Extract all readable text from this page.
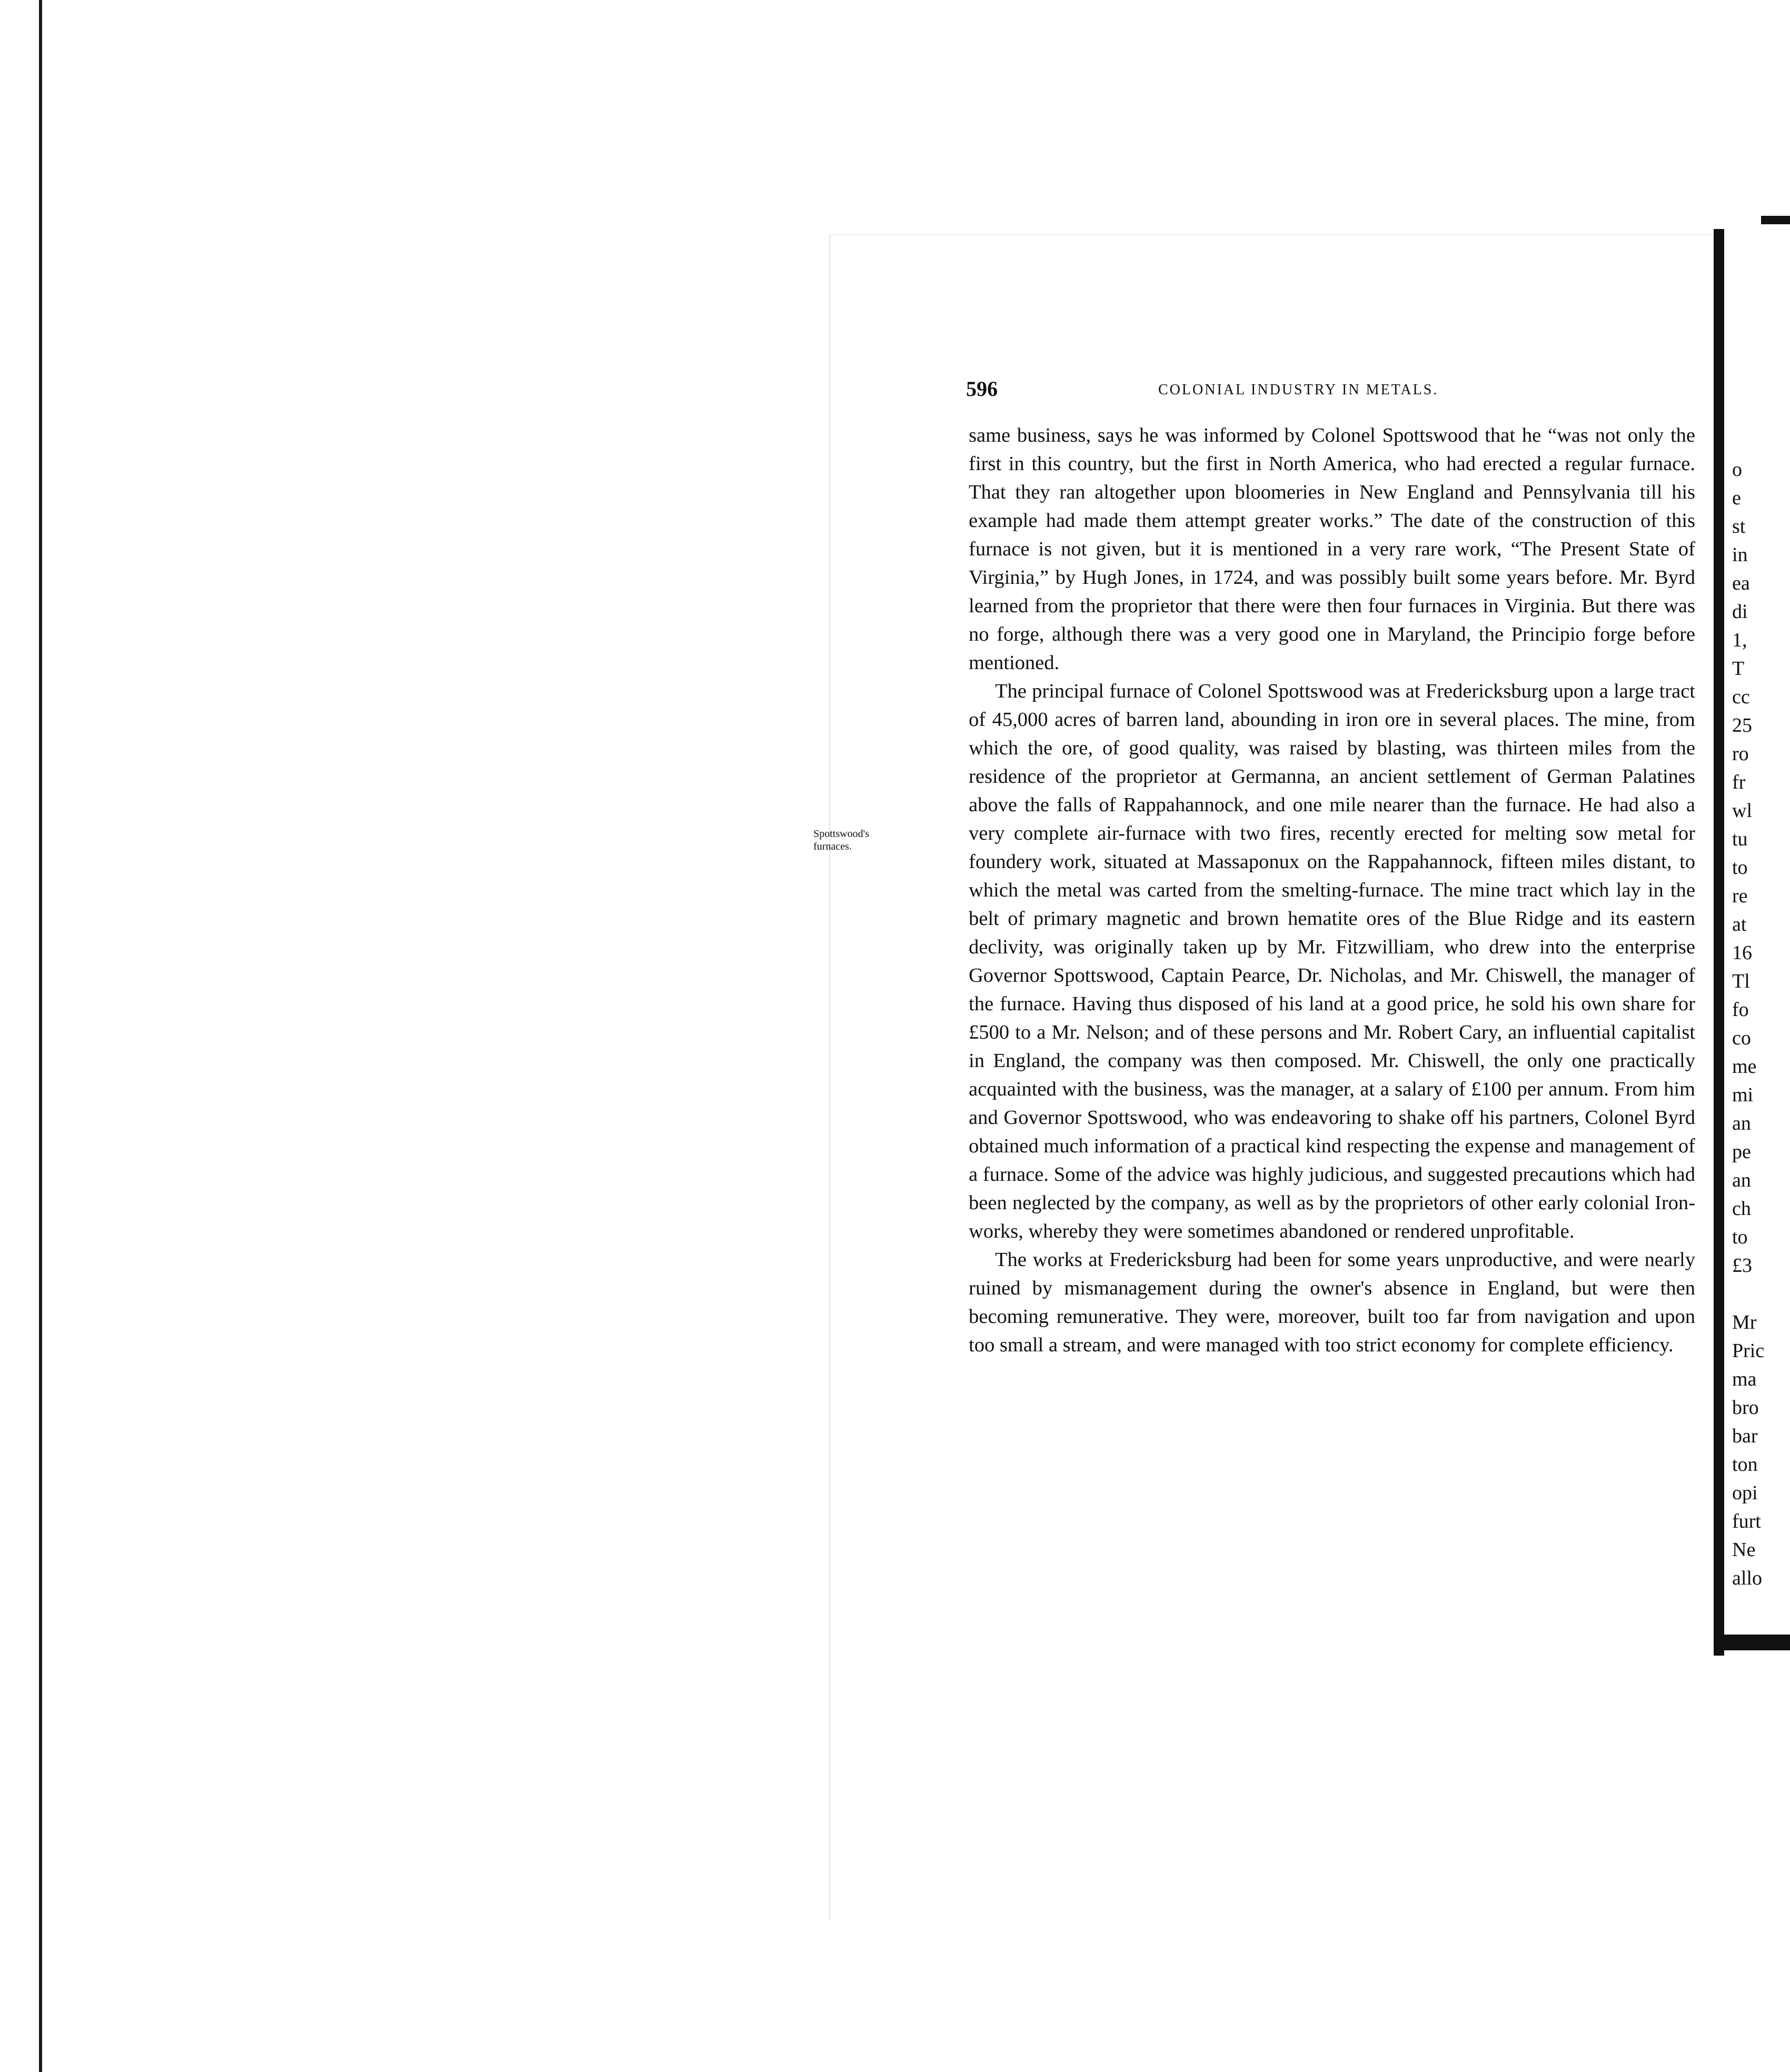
596	COLONIAL INDUSTRY IN METALS.
Spottswood's furnaces.

same business, says he was informed by Colonel Spottswood that he “was not only the first in this country, but the first in North America, who had erected a regular furnace. That they ran altogether upon bloomeries in New England and Pennsylvania till his example had made them attempt greater works.” The date of the construction of this furnace is not given, but it is mentioned in a very rare work, “The Present State of Virginia,” by Hugh Jones, in 1724, and was possibly built some years before. Mr. Byrd learned from the proprietor that there were then four furnaces in Virginia. But there was no forge, although there was a very good one in Maryland, the Principio forge before mentioned.

The principal furnace of Colonel Spottswood was at Fredericksburg upon a large tract of 45,000 acres of barren land, abounding in iron ore in several places. The mine, from which the ore, of good quality, was raised by blasting, was thirteen miles from the residence of the proprietor at Germanna, an ancient settlement of German Palatines above the falls of Rappahannock, and one mile nearer than the furnace. He had also a very complete air-furnace with two fires, recently erected for melting sow metal for foundery work, situated at Massaponux on the Rappahannock, fifteen miles distant, to which the metal was carted from the smelting-furnace. The mine tract which lay in the belt of primary magnetic and brown hematite ores of the Blue Ridge and its eastern declivity, was originally taken up by Mr. Fitzwilliam, who drew into the enterprise Governor Spottswood, Captain Pearce, Dr. Nicholas, and Mr. Chiswell, the manager of the furnace. Having thus disposed of his land at a good price, he sold his own share for £500 to a Mr. Nelson; and of these persons and Mr. Robert Cary, an influential capitalist in England, the company was then composed. Mr. Chiswell, the only one practically acquainted with the business, was the manager, at a salary of £100 per annum. From him and Governor Spottswood, who was endeavoring to shake off his partners, Colonel Byrd obtained much information of a practical kind respecting the expense and management of a furnace. Some of the advice was highly judicious, and suggested precautions which had been neglected by the company, as well as by the proprietors of other early colonial Iron-works, whereby they were sometimes abandoned or rendered unprofitable.

The works at Fredericksburg had been for some years unproductive, and were nearly ruined by mismanagement during the owner's absence in England, but were then becoming remunerative. They were, moreover, built too far from navigation and upon too small a stream, and were managed with too strict economy for complete efficiency.

o
e
st
in
ea
di
1,
T
cc
25
ro
fr
wl
tu
to
re
at
16
Tl
fo
co
me
mi
an
pe
an
ch
to
£3
Mr
Pric
ma
bro
bar
ton
opi
furt
Ne
allo
